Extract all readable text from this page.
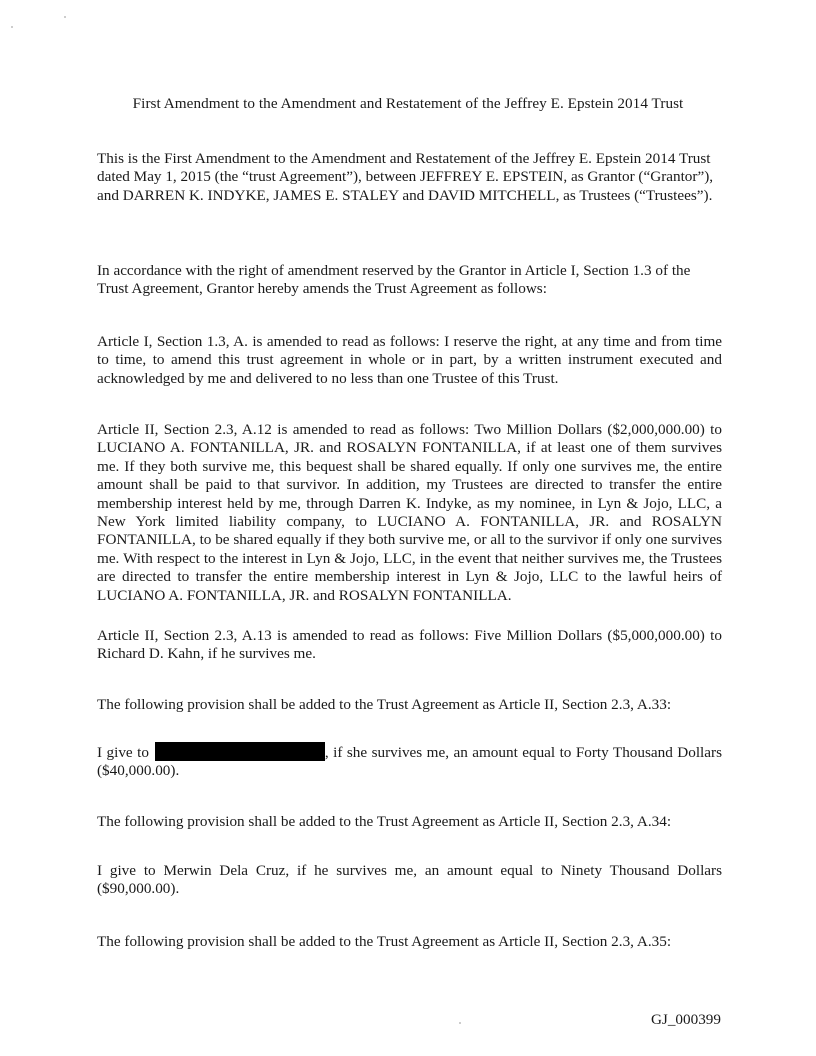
First Amendment to the Amendment and Restatement of the Jeffrey E. Epstein 2014 Trust

This is the First Amendment to the Amendment and Restatement of the Jeffrey E. Epstein 2014 Trust dated May 1, 2015 (the “trust Agreement”), between JEFFREY E. EPSTEIN, as Grantor (“Grantor”), and DARREN K. INDYKE, JAMES E. STALEY and DAVID MITCHELL, as Trustees (“Trustees”).

In accordance with the right of amendment reserved by the Grantor in Article I, Section 1.3 of the Trust Agreement, Grantor hereby amends the Trust Agreement as follows:

Article I, Section 1.3, A. is amended to read as follows: I reserve the right, at any time and from time to time, to amend this trust agreement in whole or in part, by a written instrument executed and acknowledged by me and delivered to no less than one Trustee of this Trust.

Article II, Section 2.3, A.12 is amended to read as follows: Two Million Dollars ($2,000,000.00) to LUCIANO A. FONTANILLA, JR. and ROSALYN FONTANILLA, if at least one of them survives me. If they both survive me, this bequest shall be shared equally. If only one survives me, the entire amount shall be paid to that survivor. In addition, my Trustees are directed to transfer the entire membership interest held by me, through Darren K. Indyke, as my nominee, in Lyn & Jojo, LLC, a New York limited liability company, to LUCIANO A. FONTANILLA, JR. and ROSALYN FONTANILLA, to be shared equally if they both survive me, or all to the survivor if only one survives me. With respect to the interest in Lyn & Jojo, LLC, in the event that neither survives me, the Trustees are directed to transfer the entire membership interest in Lyn & Jojo, LLC to the lawful heirs of LUCIANO A. FONTANILLA, JR. and ROSALYN FONTANILLA.

Article II, Section 2.3, A.13 is amended to read as follows: Five Million Dollars ($5,000,000.00) to Richard D. Kahn, if he survives me.

The following provision shall be added to the Trust Agreement as Article II, Section 2.3, A.33:

I give to	, if she survives me, an amount equal to Forty Thousand Dollars ($40,000.00).

The following provision shall be added to the Trust Agreement as Article II, Section 2.3, A.34:

I give to Merwin Dela Cruz, if he survives me, an amount equal to Ninety Thousand Dollars ($90,000.00).

The following provision shall be added to the Trust Agreement as Article II, Section 2.3, A.35:

GJ_000399
